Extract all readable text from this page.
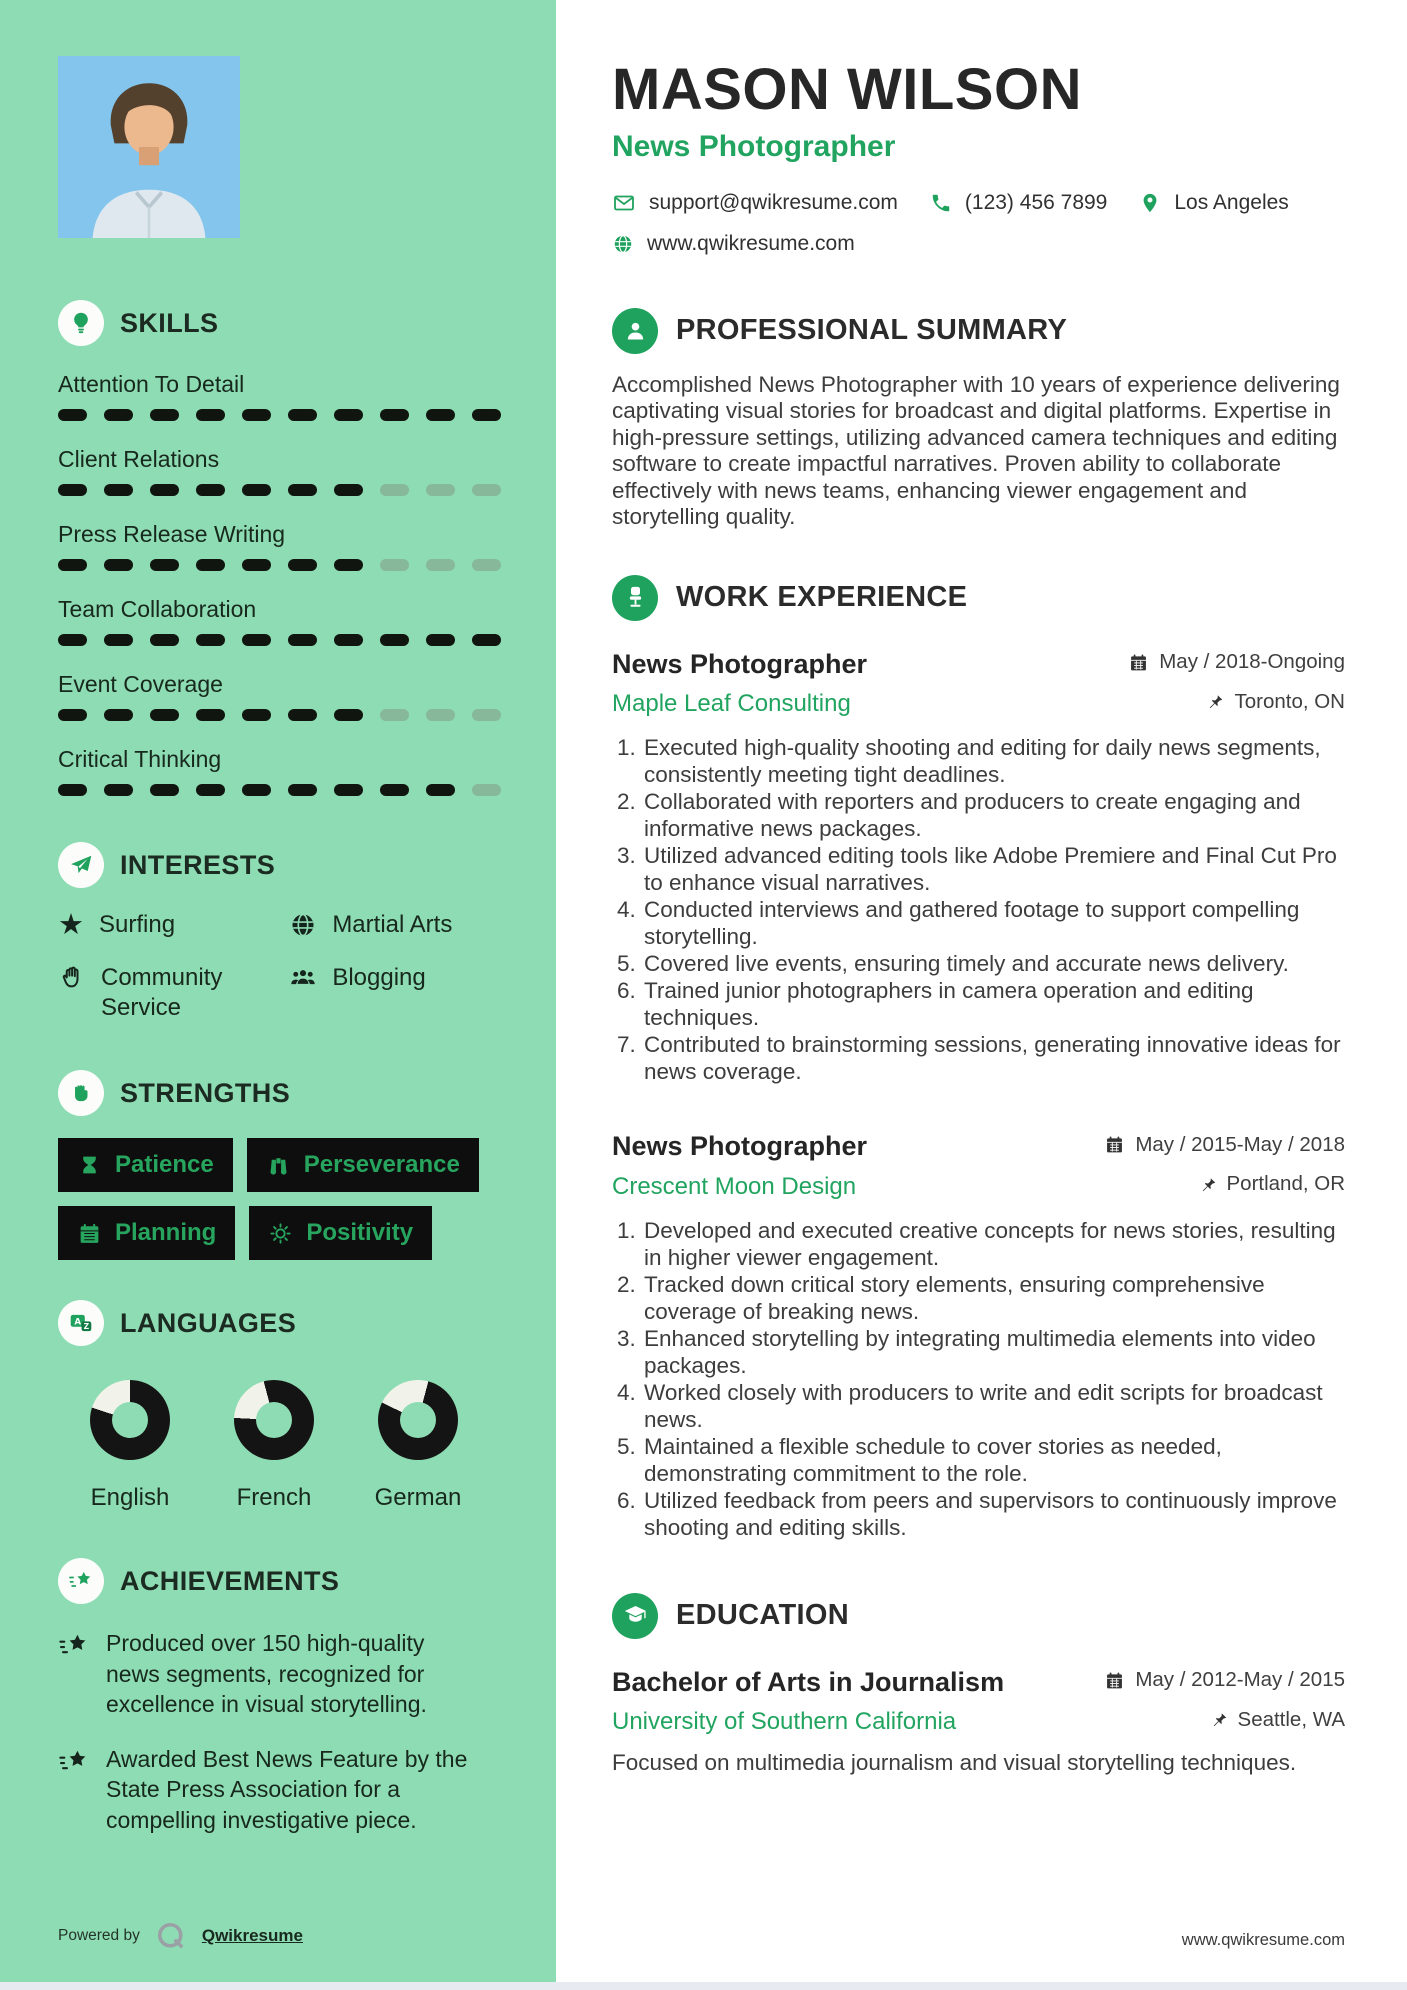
SKILLS
Attention To Detail
Client Relations
Press Release Writing
Team Collaboration
Event Coverage
Critical Thinking
INTERESTS
★ Surfing	Martial Arts
Community Service
Blogging
STRENGTHS
Patience	Perseverance
Planning	Positivity
A Z LANGUAGES
English	French	German
ACHIEVEMENTS
Produced over 150 high-quality news segments, recognized for excellence in visual storytelling.
Awarded Best News Feature by the State Press Association for a compelling investigative piece.
MASON WILSON
News Photographer
support@qwikresume.com	(123) 456 7899	Los Angeles
www.qwikresume.com
PROFESSIONAL SUMMARY

Accomplished News Photographer with 10 years of experience delivering captivating visual stories for broadcast and digital platforms. Expertise in high-pressure settings, utilizing advanced camera techniques and editing software to create impactful narratives. Proven ability to collaborate effectively with news teams, enhancing viewer engagement and storytelling quality.

WORK EXPERIENCE
News Photographer	May / 2018-Ongoing
Maple Leaf Consulting	Toronto, ON
1. Executed high-quality shooting and editing for daily news segments, consistently meeting tight deadlines.
2. Collaborated with reporters and producers to create engaging and informative news packages.
3. Utilized advanced editing tools like Adobe Premiere and Final Cut Pro to enhance visual narratives.
4. Conducted interviews and gathered footage to support compelling storytelling.
5. Covered live events, ensuring timely and accurate news delivery.
6. Trained junior photographers in camera operation and editing techniques.
7. Contributed to brainstorming sessions, generating innovative ideas for news coverage.
News Photographer	May / 2015-May / 2018
Crescent Moon Design	Portland, OR
1. Developed and executed creative concepts for news stories, resulting in higher viewer engagement.
2. Tracked down critical story elements, ensuring comprehensive coverage of breaking news.
3. Enhanced storytelling by integrating multimedia elements into video packages.
4. Worked closely with producers to write and edit scripts for broadcast news.
5. Maintained a flexible schedule to cover stories as needed, demonstrating commitment to the role.
6. Utilized feedback from peers and supervisors to continuously improve shooting and editing skills.
EDUCATION
Bachelor of Arts in Journalism	May / 2012-May / 2015
University of Southern California	Seattle, WA

Focused on multimedia journalism and visual storytelling techniques.

Powered by	Qwikresume	www.qwikresume.com
